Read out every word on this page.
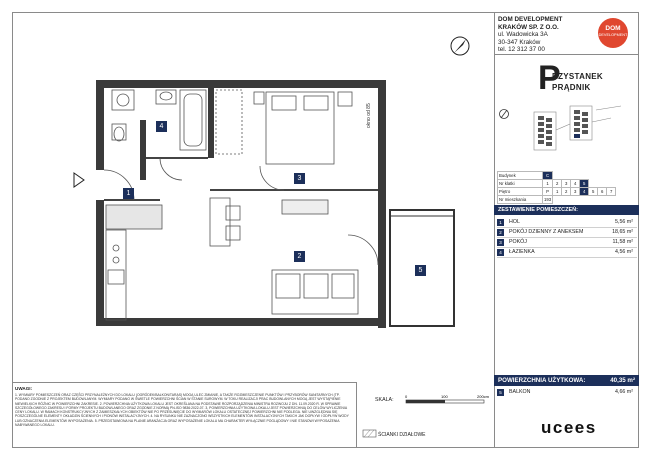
DOM DEVELOPMENT
KRAKÓW SP. Z O.O.
ul. Wadowicka 3A
30-347 Kraków
tel. 12 312 37 00
DOM
DEVELOPMENT
P
RZYSTANEK
PRĄDNIK
Budynek	C							
Nr klatki	1	2	3	4	5			
Piętro	P	1	2	3	4	5	6	7
Nr mieszkania	193							
ZESTAWIENIE POMIESZCZEŃ:
1	HOL	5,56 m²
2	POKÓJ DZIENNY Z ANEKSEM	18,65 m²
3	POKÓJ	11,58 m²
4	ŁAZIENKA	4,56 m²
POWIERZCHNIA UŻYTKOWA:	40,35 m²
5	BALKON	4,66 m²
okno od 85
1
2
3
4
5
UWAGI:
1. WYMIARY POMIESZCZEŃ ORAZ CZĘŚCI PRZYNALEŻNYCH DO LOKALU (OGRÓDEK/BALKON/TARAS) MOGĄ ULEC ZMIANIE, A TAKŻE ROZMIESZCZENIE PUNKTÓW I PRZYBORÓW SANITARNYCH (TP. PODANO ZGODNIE Z PROJEKTEM BUDOWLANYM. WYMIARY PODANO W ŚWIETLE POWIERZCHNI ŚCIAN W STANIE SUROWYM. W TOKU REALIZACJI PRAC BUDOWLANYCH MOGĄ JEST WYSTĄPIENIE NIEWIELKICH RÓŻNIC W POWIERZCHNI ZAKRESIE. 2. POWIERZCHNIA UŻYTKOWA LOKALU JEST OKREŚLANA NA PODSTAWIE ROZPORZĄDZENIA MINISTRA ROZWOJU Z DN. 11.09.2020 R. W SPRAWIE SZCZEGÓŁOWEGO ZAKRESU I FORMY PROJEKTU BUDOWLANEGO ORAZ ZGODNIE Z NORMĄ PN-ISO 9836:2022-07. 3. POWIERZCHNIA UŻYTKOWA LOKALU JEST POWIERZCHNIĄ DO CELÓW WYLICZENIA CENY LOKALU. W RAMACH KONSTRUKCYJNYCH Z ZAMIESZKAŁYCH OBIEKTÓW NIE PO PRZESUNIĘCIE DO WYMIARÓW LOKALU OSTATECZNEJ POWIERZCHNI NIE PODLEGA. NIE UWZGLĘDNIA SIĘ POSZCZEGÓLNE ELEMENTY OKŁADZIN ŚCIENNYCH I PIONÓW INSTALACYJNYCH. 4. NA RYSUNKU NIE ZAZNACZONO WSZYSTKICH ELEMENTÓW INSTALACYJNYCH TAKICH JAK DOPŁYW I ODPŁYW WODY LUB OZNACZENIA ELEMENTÓW WYPOSAŻENIA. 5. PRZEDSTAWIONA NA PLANIE ARANŻACJA ORAZ WYPOSAŻENIE LOKALU MA CHARAKTER WYŁĄCZNIE POGLĄDOWY I NIE STANOWI WYPOSAŻENIA NABYWANEGO LOKALU.
SKALA:
0	100	200cm
ŚCIANKI DZIAŁOWE	ucees
